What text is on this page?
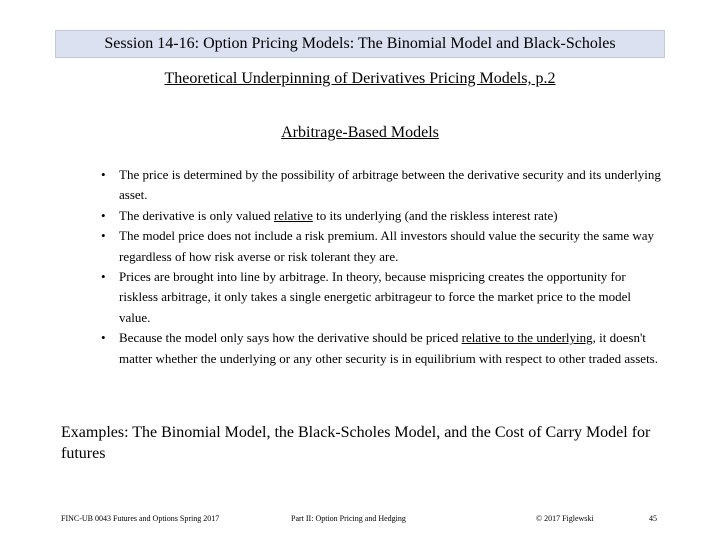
Session 14-16: Option Pricing Models: The Binomial Model and Black-Scholes
Theoretical Underpinning of Derivatives Pricing Models, p.2
Arbitrage-Based Models
• The price is determined by the possibility of arbitrage between the derivative security and its underlying asset.
• The derivative is only valued relative to its underlying (and the riskless interest rate)
• The model price does not include a risk premium. All investors should value the security the same way regardless of how risk averse or risk tolerant they are.
• Prices are brought into line by arbitrage. In theory, because mispricing creates the opportunity for riskless arbitrage, it only takes a single energetic arbitrageur to force the market price to the model value.
• Because the model only says how the derivative should be priced relative to the underlying, it doesn't matter whether the underlying or any other security is in equilibrium with respect to other traded assets.
Examples: The Binomial Model, the Black-Scholes Model, and the Cost of Carry Model for futures
FINC-UB 0043 Futures and Options Spring 2017	Part II: Option Pricing and Hedging	© 2017 Figlewski	45
